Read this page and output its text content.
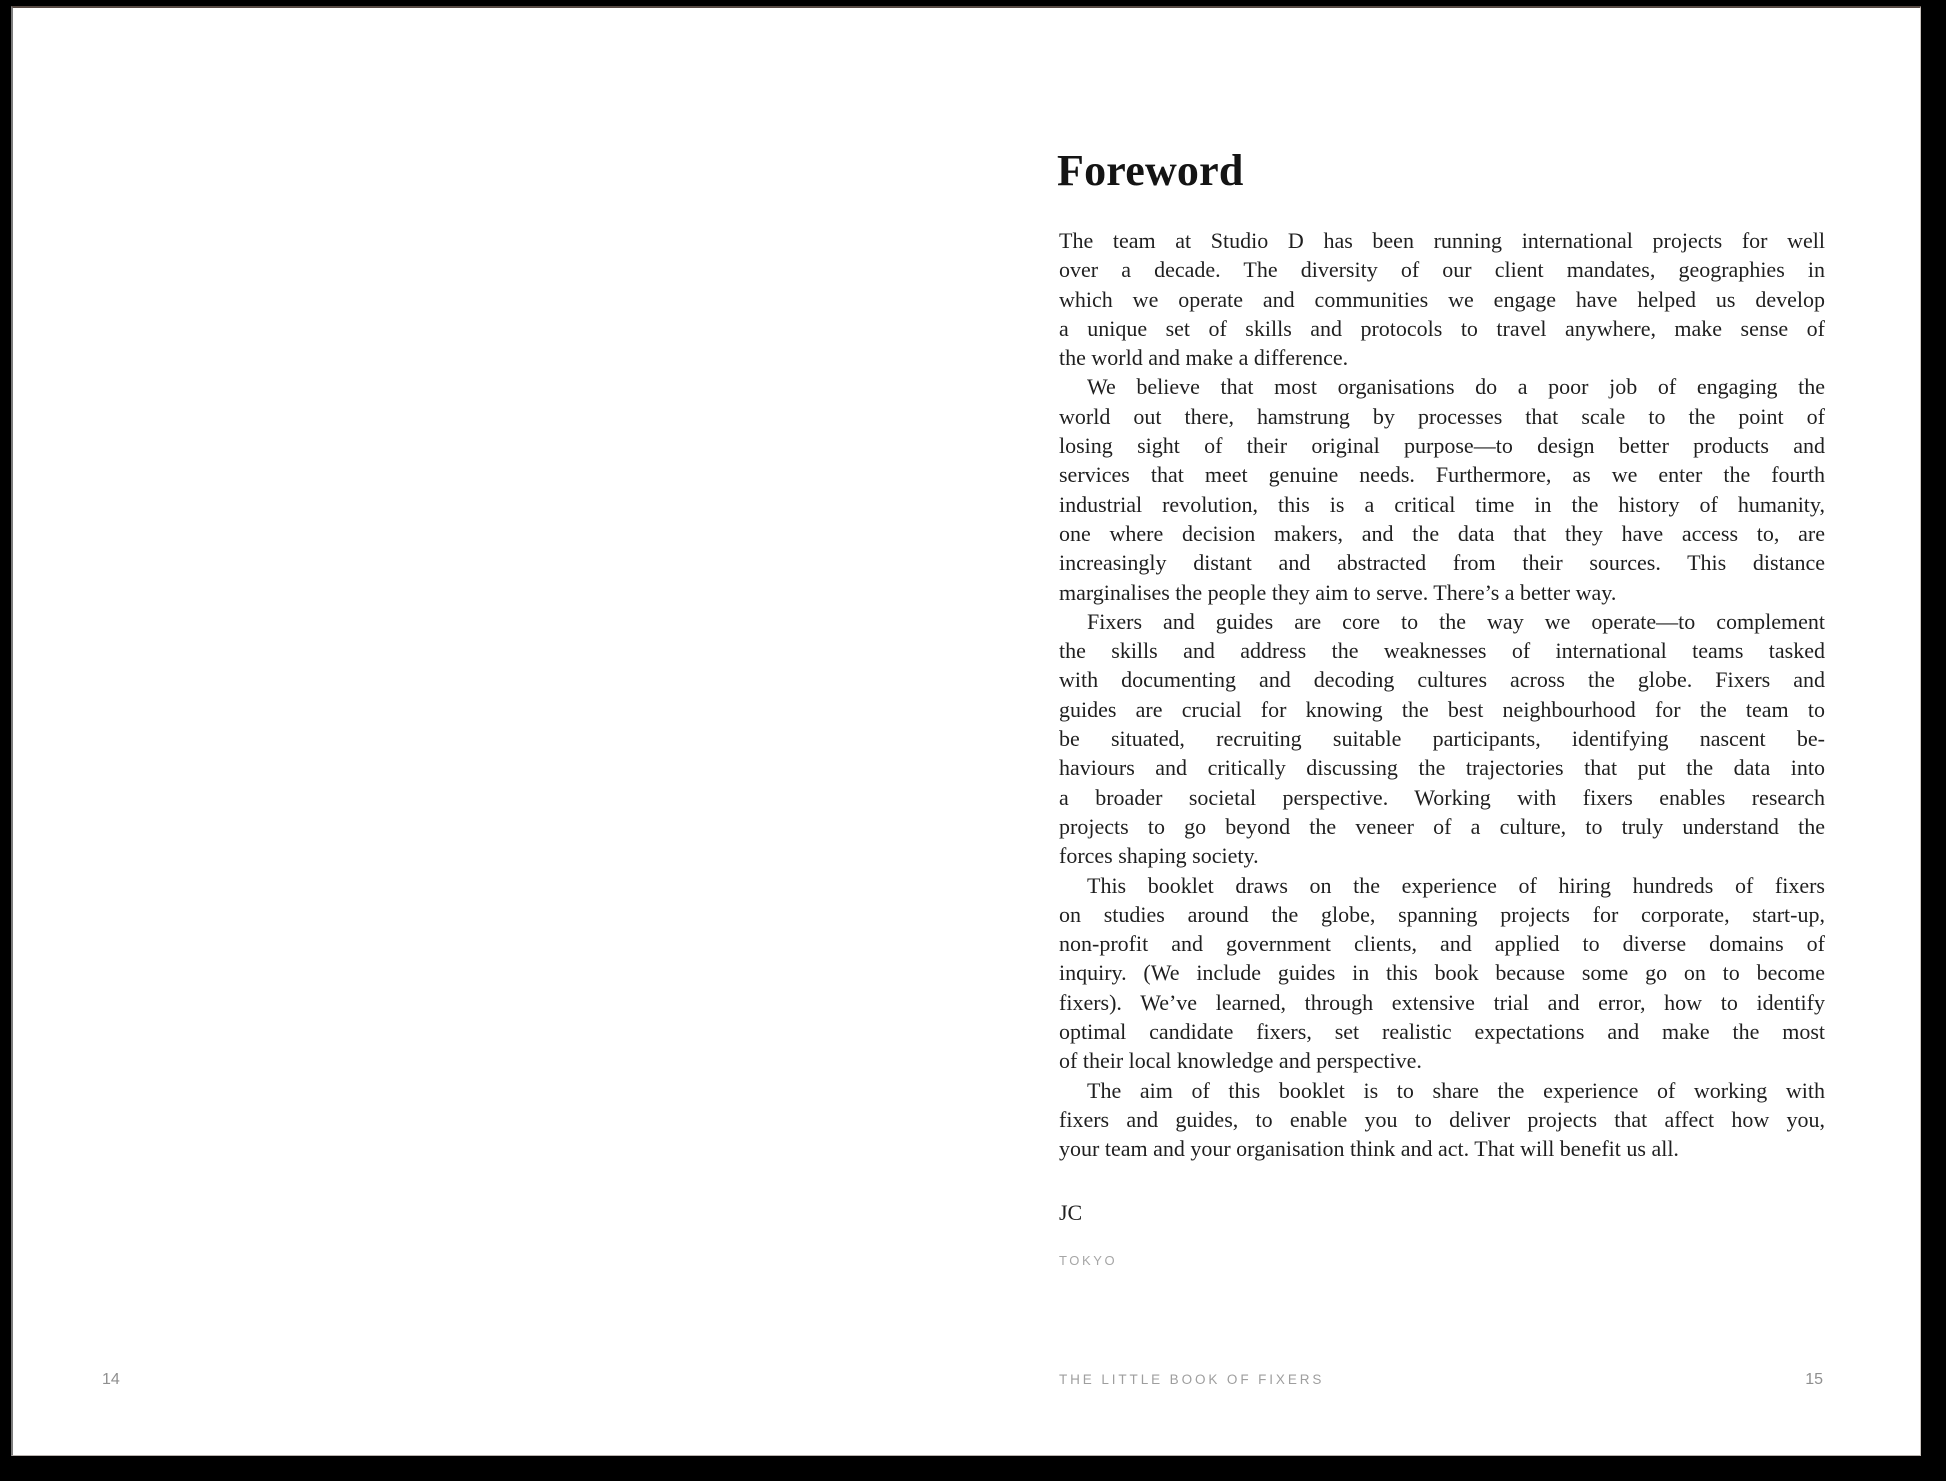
14
Foreword
The team at Studio D has been running international projects for well
over a decade. The diversity of our client mandates, geographies in
which we operate and communities we engage have helped us develop
a unique set of skills and protocols to travel anywhere, make sense of
the world and make a difference.
We believe that most organisations do a poor job of engaging the
world out there, hamstrung by processes that scale to the point of
losing sight of their original purpose—to design better products and
services that meet genuine needs. Furthermore, as we enter the fourth
industrial revolution, this is a critical time in the history of humanity,
one where decision makers, and the data that they have access to, are
increasingly distant and abstracted from their sources. This distance
marginalises the people they aim to serve. There’s a better way.
Fixers and guides are core to the way we operate—to complement
the skills and address the weaknesses of international teams tasked
with documenting and decoding cultures across the globe. Fixers and
guides are crucial for knowing the best neighbourhood for the team to
be situated, recruiting suitable participants, identifying nascent be-
haviours and critically discussing the trajectories that put the data into
a broader societal perspective. Working with fixers enables research
projects to go beyond the veneer of a culture, to truly understand the
forces shaping society.
This booklet draws on the experience of hiring hundreds of fixers
on studies around the globe, spanning projects for corporate, start-up,
non-profit and government clients, and applied to diverse domains of
inquiry. (We include guides in this book because some go on to become
fixers). We’ve learned, through extensive trial and error, how to identify
optimal candidate fixers, set realistic expectations and make the most
of their local knowledge and perspective.
The aim of this booklet is to share the experience of working with
fixers and guides, to enable you to deliver projects that affect how you,
your team and your organisation think and act. That will benefit us all.
JC
TOKYO
THE LITTLE BOOK OF FIXERS	15
